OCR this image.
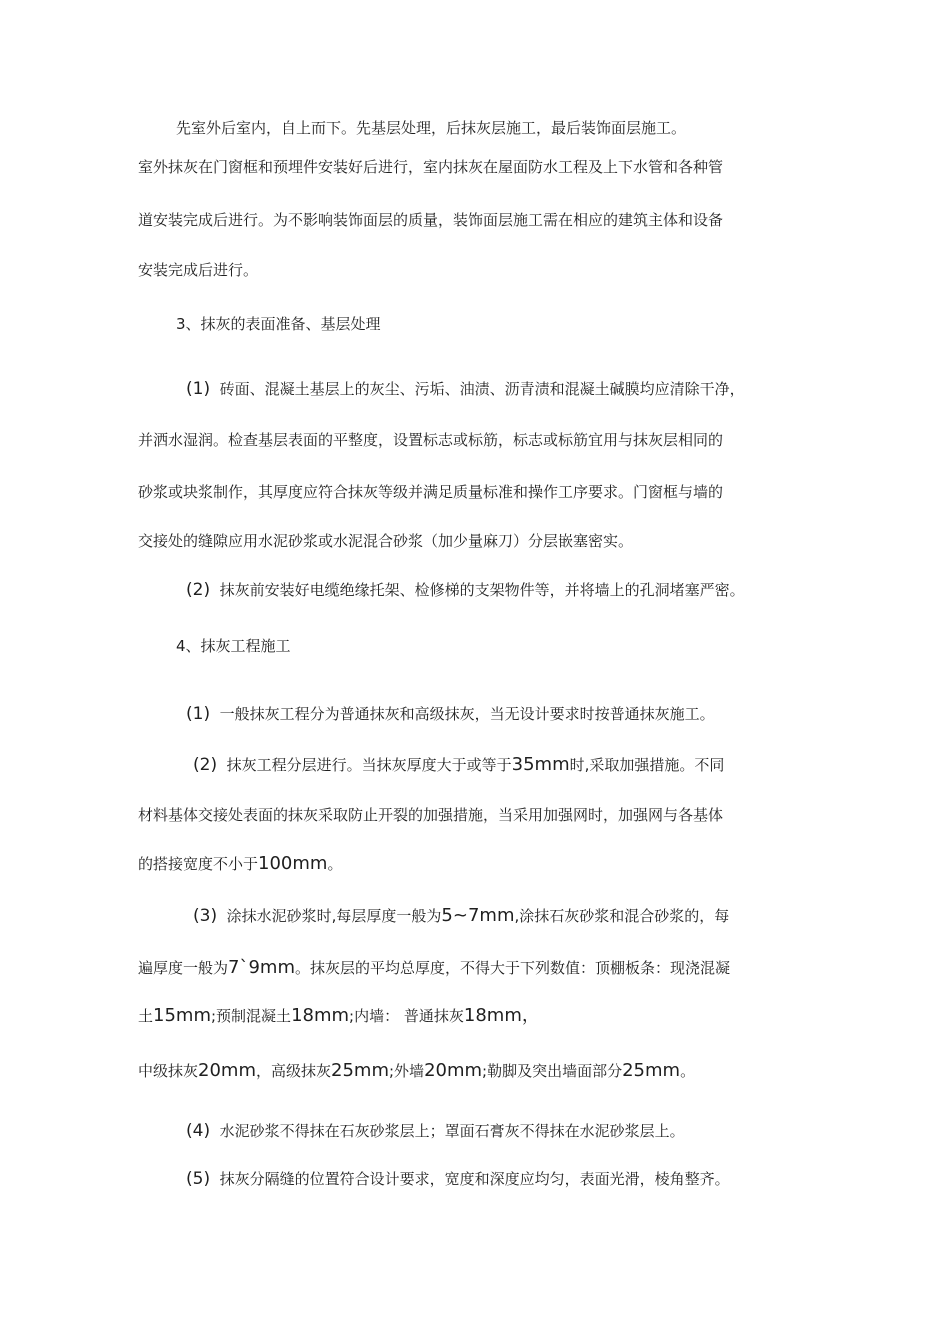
先室外后室内，自上而下。先基层处理，后抹灰层施工，最后装饰面层施工。
室外抹灰在门窗框和预埋件安装好后进行，室内抹灰在屋面防水工程及上下水管和各种管
道安装完成后进行。为不影响装饰面层的质量，装饰面层施工需在相应的建筑主体和设备
安装完成后进行。
3、抹灰的表面准备、基层处理
(1) 砖面、混凝土基层上的灰尘、污垢、油渍、沥青渍和混凝土碱膜均应清除干净，
并洒水湿润。检查基层表面的平整度，设置标志或标筋，标志或标筋宜用与抹灰层相同的
砂浆或块浆制作，其厚度应符合抹灰等级并满足质量标准和操作工序要求。门窗框与墙的
交接处的缝隙应用水泥砂浆或水泥混合砂浆（加少量麻刀）分层嵌塞密实。
(2) 抹灰前安装好电缆绝缘托架、检修梯的支架物件等，并将墙上的孔洞堵塞严密。
4、抹灰工程施工
(1) 一般抹灰工程分为普通抹灰和高级抹灰，当无设计要求时按普通抹灰施工。
(2) 抹灰工程分层进行。当抹灰厚度大于或等于35mm时,采取加强措施。不同
材料基体交接处表面的抹灰采取防止开裂的加强措施，当采用加强网时，加强网与各基体
的搭接宽度不小于100mm。
(3) 涂抹水泥砂浆时,每层厚度一般为5~7mm,涂抹石灰砂浆和混合砂浆的，每
遍厚度一般为7`9mm。抹灰层的平均总厚度，不得大于下列数值：顶棚板条：现浇混凝
土15mm;预制混凝土18mm;内墙： 普通抹灰18mm，
中级抹灰20mm，高级抹灰25mm;外墙20mm;勒脚及突出墙面部分25mm。
(4) 水泥砂浆不得抹在石灰砂浆层上；罩面石膏灰不得抹在水泥砂浆层上。
(5) 抹灰分隔缝的位置符合设计要求，宽度和深度应均匀，表面光滑，棱角整齐。
